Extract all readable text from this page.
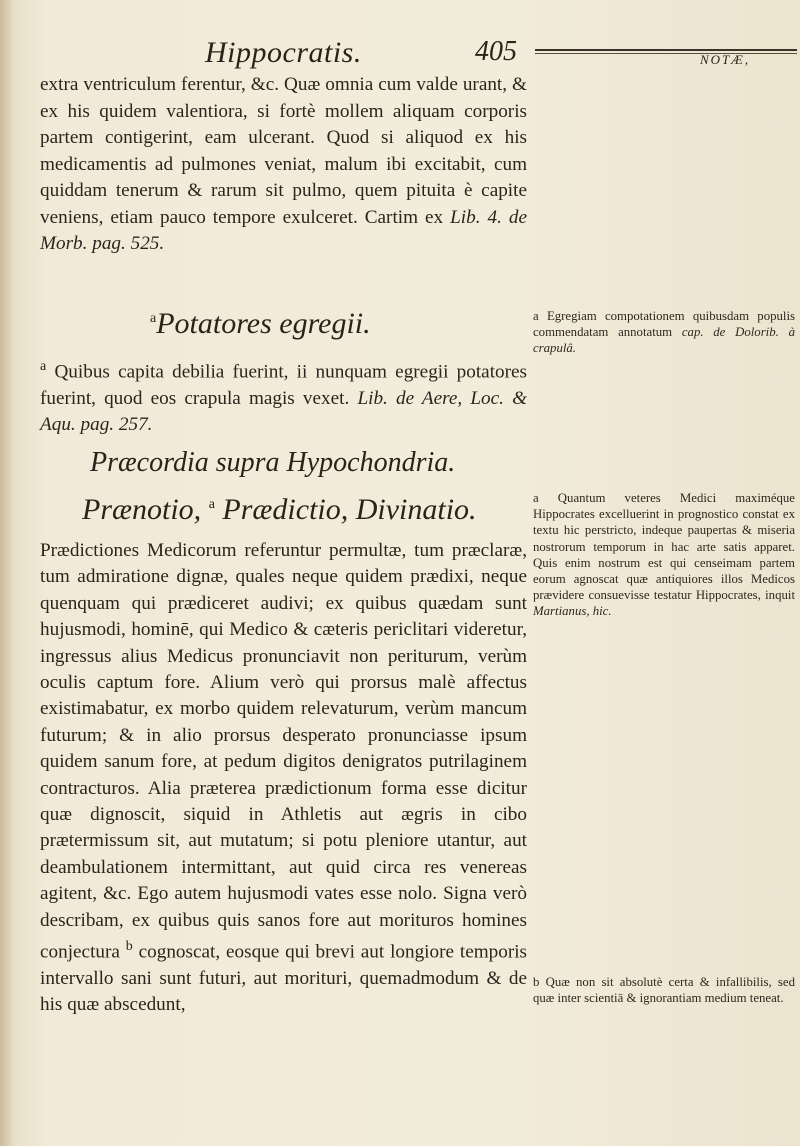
Hippocratis.	405	NOTÆ,

extra ventriculum ferentur, &c. Quæ omnia cum valde urant, & ex his quidem valentiora, si fortè mollem aliquam corporis partem contigerint, eam ulcerant. Quod si aliquod ex his medicamentis ad pulmones veniat, malum ibi excitabit, cum quiddam tenerum & rarum sit pulmo, quem pituita è capite veniens, etiam pauco tempore exulceret. Cartim ex Lib. 4. de Morb. pag. 525.

$^a$Potatores egregii.

$^a$ Quibus capita debilia fuerint, ii nunquam egregii potatores fuerint, quod eos crapula magis vexet. Lib. de Aere, Loc. & Aqu. pag. 257.

Præcordia supra Hypochondria.

Prænotio, $^a$ Prædictio, Divinatio.

Prædictiones Medicorum referuntur permultæ, tum præclaræ, tum admiratione dignæ, quales neque quidem prædixi, neque quenquam qui prædiceret audivi; ex quibus quædam sunt hujusmodi, hominē, qui Medico & cæteris periclitari videretur, ingressus alius Medicus pronunciavit non periturum, verùm oculis captum fore. Alium verò qui prorsus malè affectus existimabatur, ex morbo quidem relevaturum, verùm mancum futurum; & in alio prorsus desperato pronunciasse ipsum quidem sanum fore, at pedum digitos denigratos putrilaginem contracturos. Alia præterea prædictionum forma esse dicitur quæ dignoscit, siquid in Athletis aut ægris in cibo prætermissum sit, aut mutatum; si potu pleniore utantur, aut deambulationem intermittant, aut quid circa res venereas agitent, &c. Ego autem hujusmodi vates esse nolo. Signa verò describam, ex quibus quis sanos fore aut morituros homines conjectura $^b$ cognoscat, eosque qui brevi aut longiore temporis intervallo sani sunt futuri, aut morituri, quemadmodum & de his quæ abscedunt,

a Egregiam compotationem quibusdam populis commendatam annotatum cap. de Dolorib. à crapulâ.
a Quantum veteres Medici maximéque Hippocrates excelluerint in prognostico constat ex textu hic perstricto, indeque paupertas & miseria nostrorum temporum in hac arte satis apparet. Quis enim nostrum est qui censeimam partem eorum agnoscat quæ antiquiores illos Medicos prævidere consuevisse testatur Hippocrates, inquit Martianus, hic.
b Quæ non sit absolutè certa & infallibilis, sed quæ inter scientiā & ignorantiam medium teneat.
